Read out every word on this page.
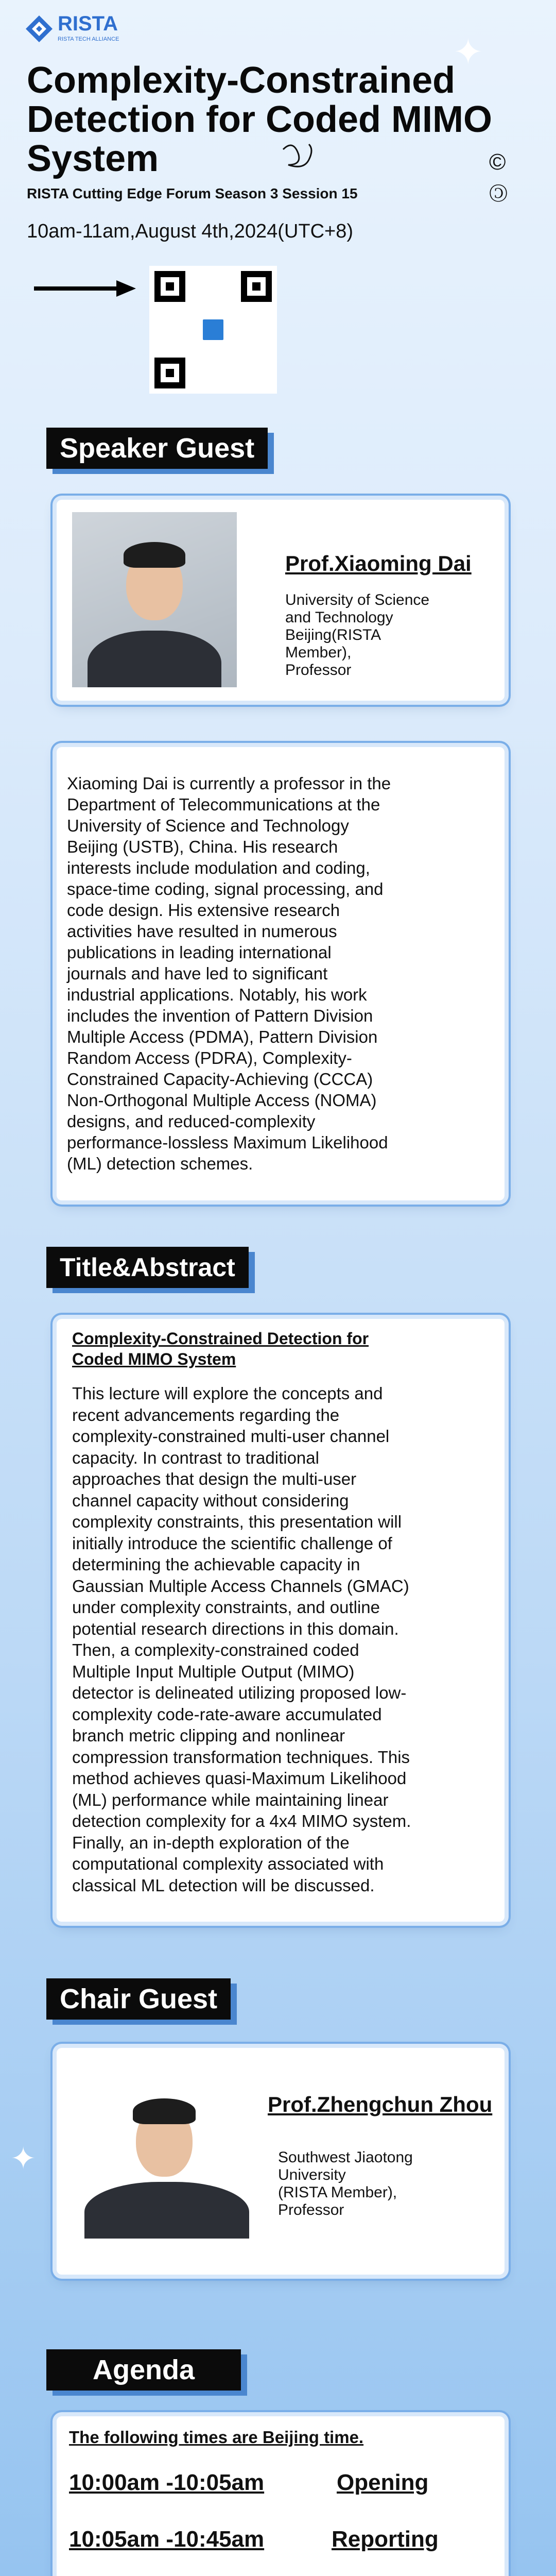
RISTA
RISTA TECH ALLIANCE	✦
Complexity-Constrained
Detection for Coded MIMO
System	©
🄯
RISTA Cutting Edge Forum Season 3 Session 15
10am-11am,August 4th,2024(UTC+8)
Speaker Guest
Prof.Xiaoming Dai
University of Science
and Technology
Beijing(RISTA
Member),
Professor
Xiaoming Dai is currently a professor in the
Department of Telecommunications at the
University of Science and Technology
Beijing (USTB), China. His research
interests include modulation and coding,
space-time coding, signal processing, and
code design. His extensive research
activities have resulted in numerous
publications in leading international
journals and have led to significant
industrial applications. Notably, his work
includes the invention of Pattern Division
Multiple Access (PDMA), Pattern Division
Random Access (PDRA), Complexity-
Constrained Capacity-Achieving (CCCA)
Non-Orthogonal Multiple Access (NOMA)
designs, and reduced-complexity
performance-lossless Maximum Likelihood
(ML) detection schemes.
Title&Abstract
Complexity-Constrained Detection for
Coded MIMO System
This lecture will explore the concepts and
recent advancements regarding the
complexity-constrained multi-user channel
capacity. In contrast to traditional
approaches that design the multi-user
channel capacity without considering
complexity constraints, this presentation will
initially introduce the scientific challenge of
determining the achievable capacity in
Gaussian Multiple Access Channels (GMAC)
under complexity constraints, and outline
potential research directions in this domain.
Then, a complexity-constrained coded
Multiple Input Multiple Output (MIMO)
detector is delineated utilizing proposed low-
complexity code-rate-aware accumulated
branch metric clipping and nonlinear
compression transformation techniques. This
method achieves quasi-Maximum Likelihood
(ML) performance while maintaining linear
detection complexity for a 4x4 MIMO system.
Finally, an in-depth exploration of the
computational complexity associated with
classical ML detection will be discussed.
Chair Guest
✦
Prof.Zhengchun Zhou
Southwest Jiaotong
University
(RISTA Member),
Professor
Agenda
The following times are Beijing time.
10:00am -10:05am	Opening
10:05am -10:45am	Reporting
